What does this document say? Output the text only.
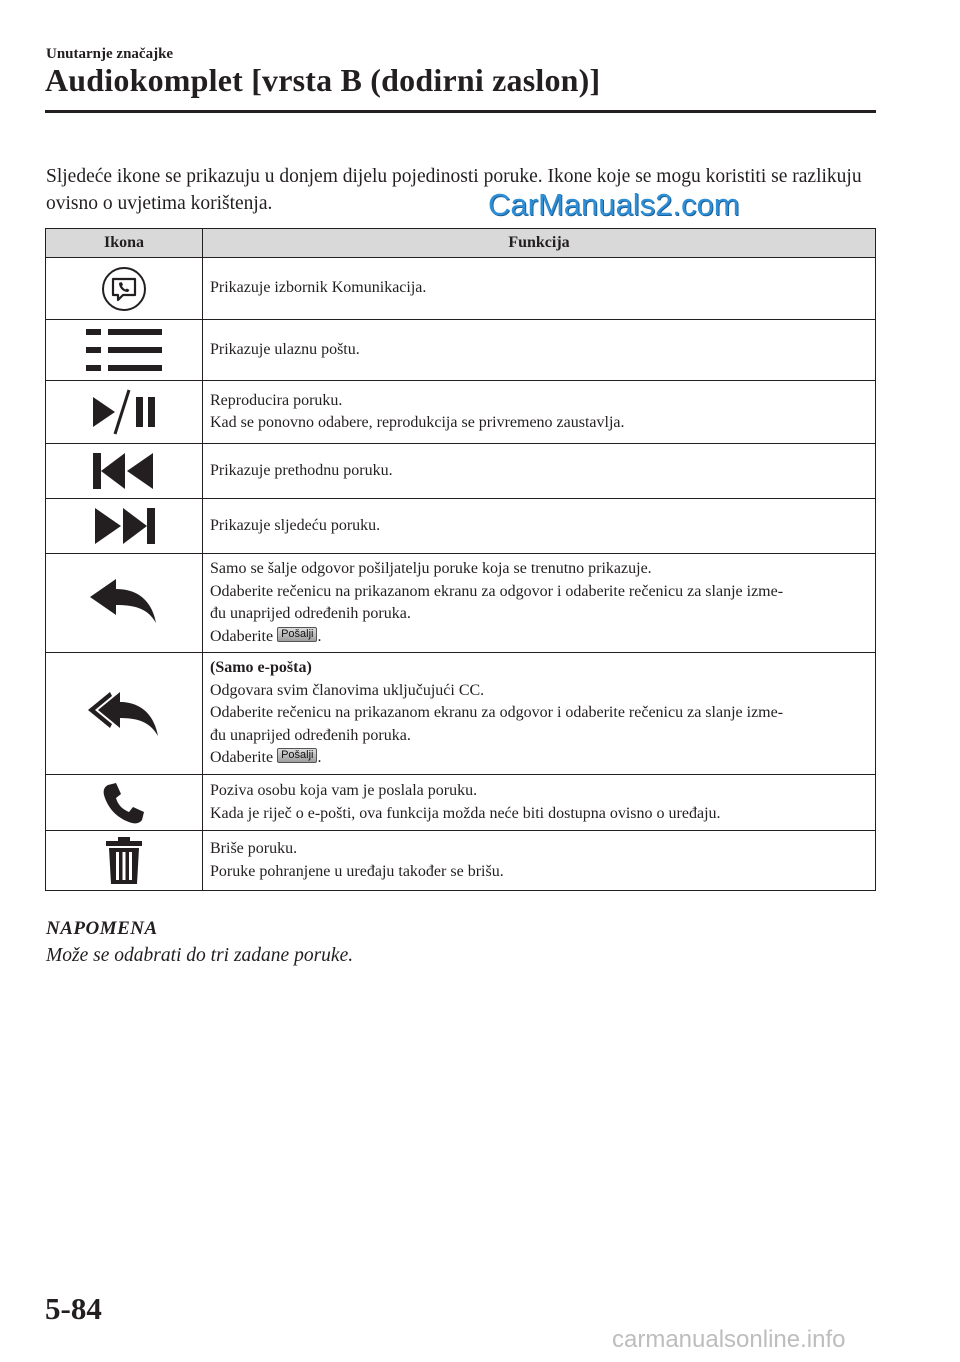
Unutarnje značajke
Audiokomplet [vrsta B (dodirni zaslon)]
Sljedeće ikone se prikazuju u donjem dijelu pojedinosti poruke. Ikone koje se mogu koristiti se razlikuju ovisno o uvjetima korištenja.	CarManuals2.com
Ikona	Funkcija

Prikazuje izbornik Komunikacija.

Prikazuje ulaznu poštu.

Reproducira poruku.
Kad se ponovno odabere, reprodukcija se privremeno zaustavlja.

Prikazuje prethodnu poruku.

Prikazuje sljedeću poruku.

Samo se šalje odgovor pošiljatelju poruke koja se trenutno prikazuje.
Odaberite rečenicu na prikazanom ekranu za odgovor i odaberite rečenicu za slanje izme-
đu unaprijed određenih poruka.
Odaberite Pošalji .

(Samo e-pošta)
Odgovara svim članovima uključujući CC.
Odaberite rečenicu na prikazanom ekranu za odgovor i odaberite rečenicu za slanje izme-
đu unaprijed određenih poruka.
Odaberite Pošalji .

Poziva osobu koja vam je poslala poruku.
Kada je riječ o e-pošti, ova funkcija možda neće biti dostupna ovisno o uređaju.

Briše poruku.
Poruke pohranjene u uređaju također se brišu.
NAPOMENA
Može se odabrati do tri zadane poruke.
5-84
carmanualsonline.info
